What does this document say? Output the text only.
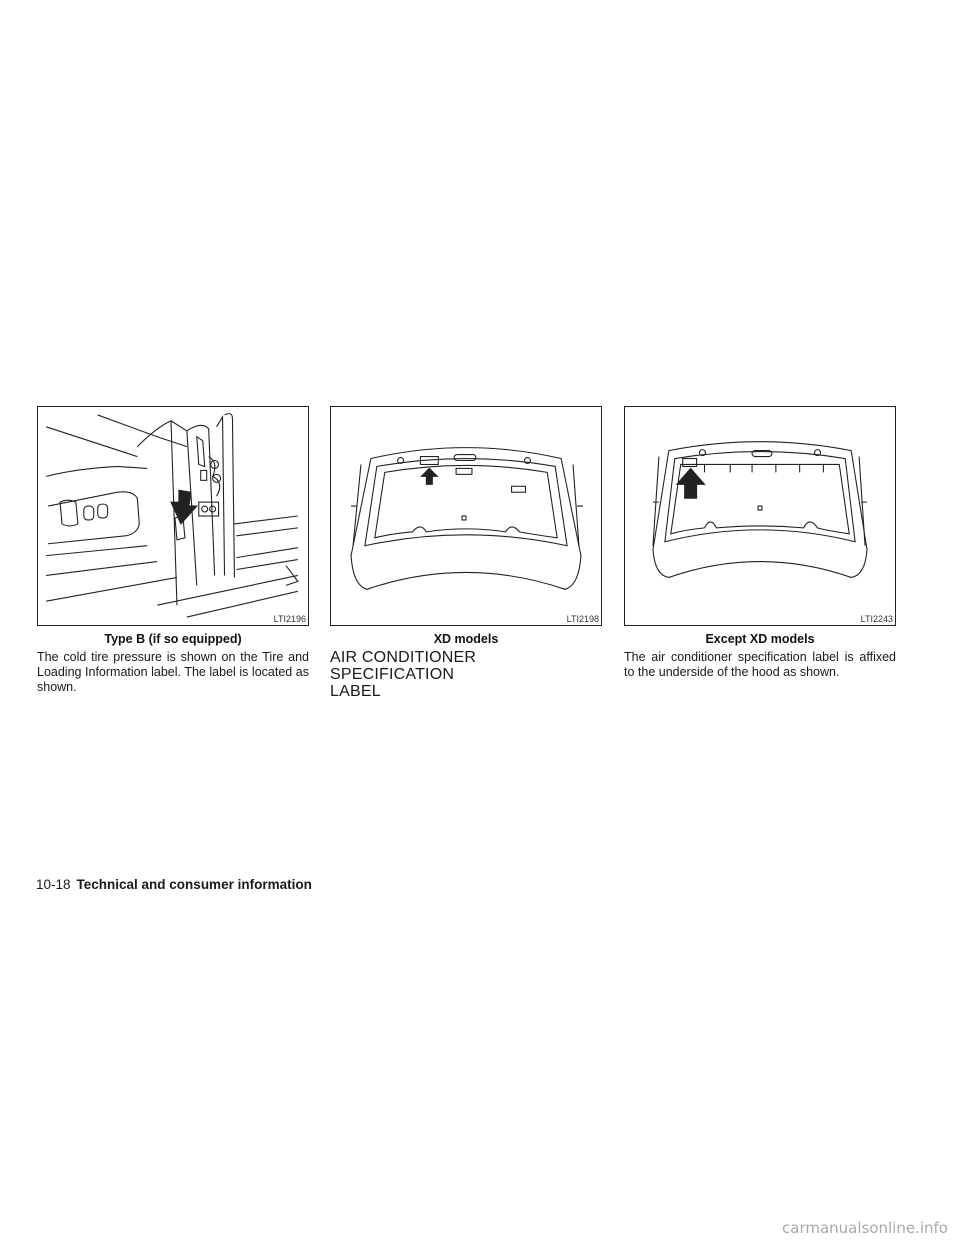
LTI2196
Type B (if so equipped)
LTI2198
XD models
LTI2243
Except XD models

The cold tire pressure is shown on the Tire and Loading Information label. The label is located as shown.

AIR CONDITIONER SPECIFICATION
LABEL

The air conditioner specification label is affixed to the underside of the hood as shown.

10-18 Technical and consumer information
carmanualsonline.info
